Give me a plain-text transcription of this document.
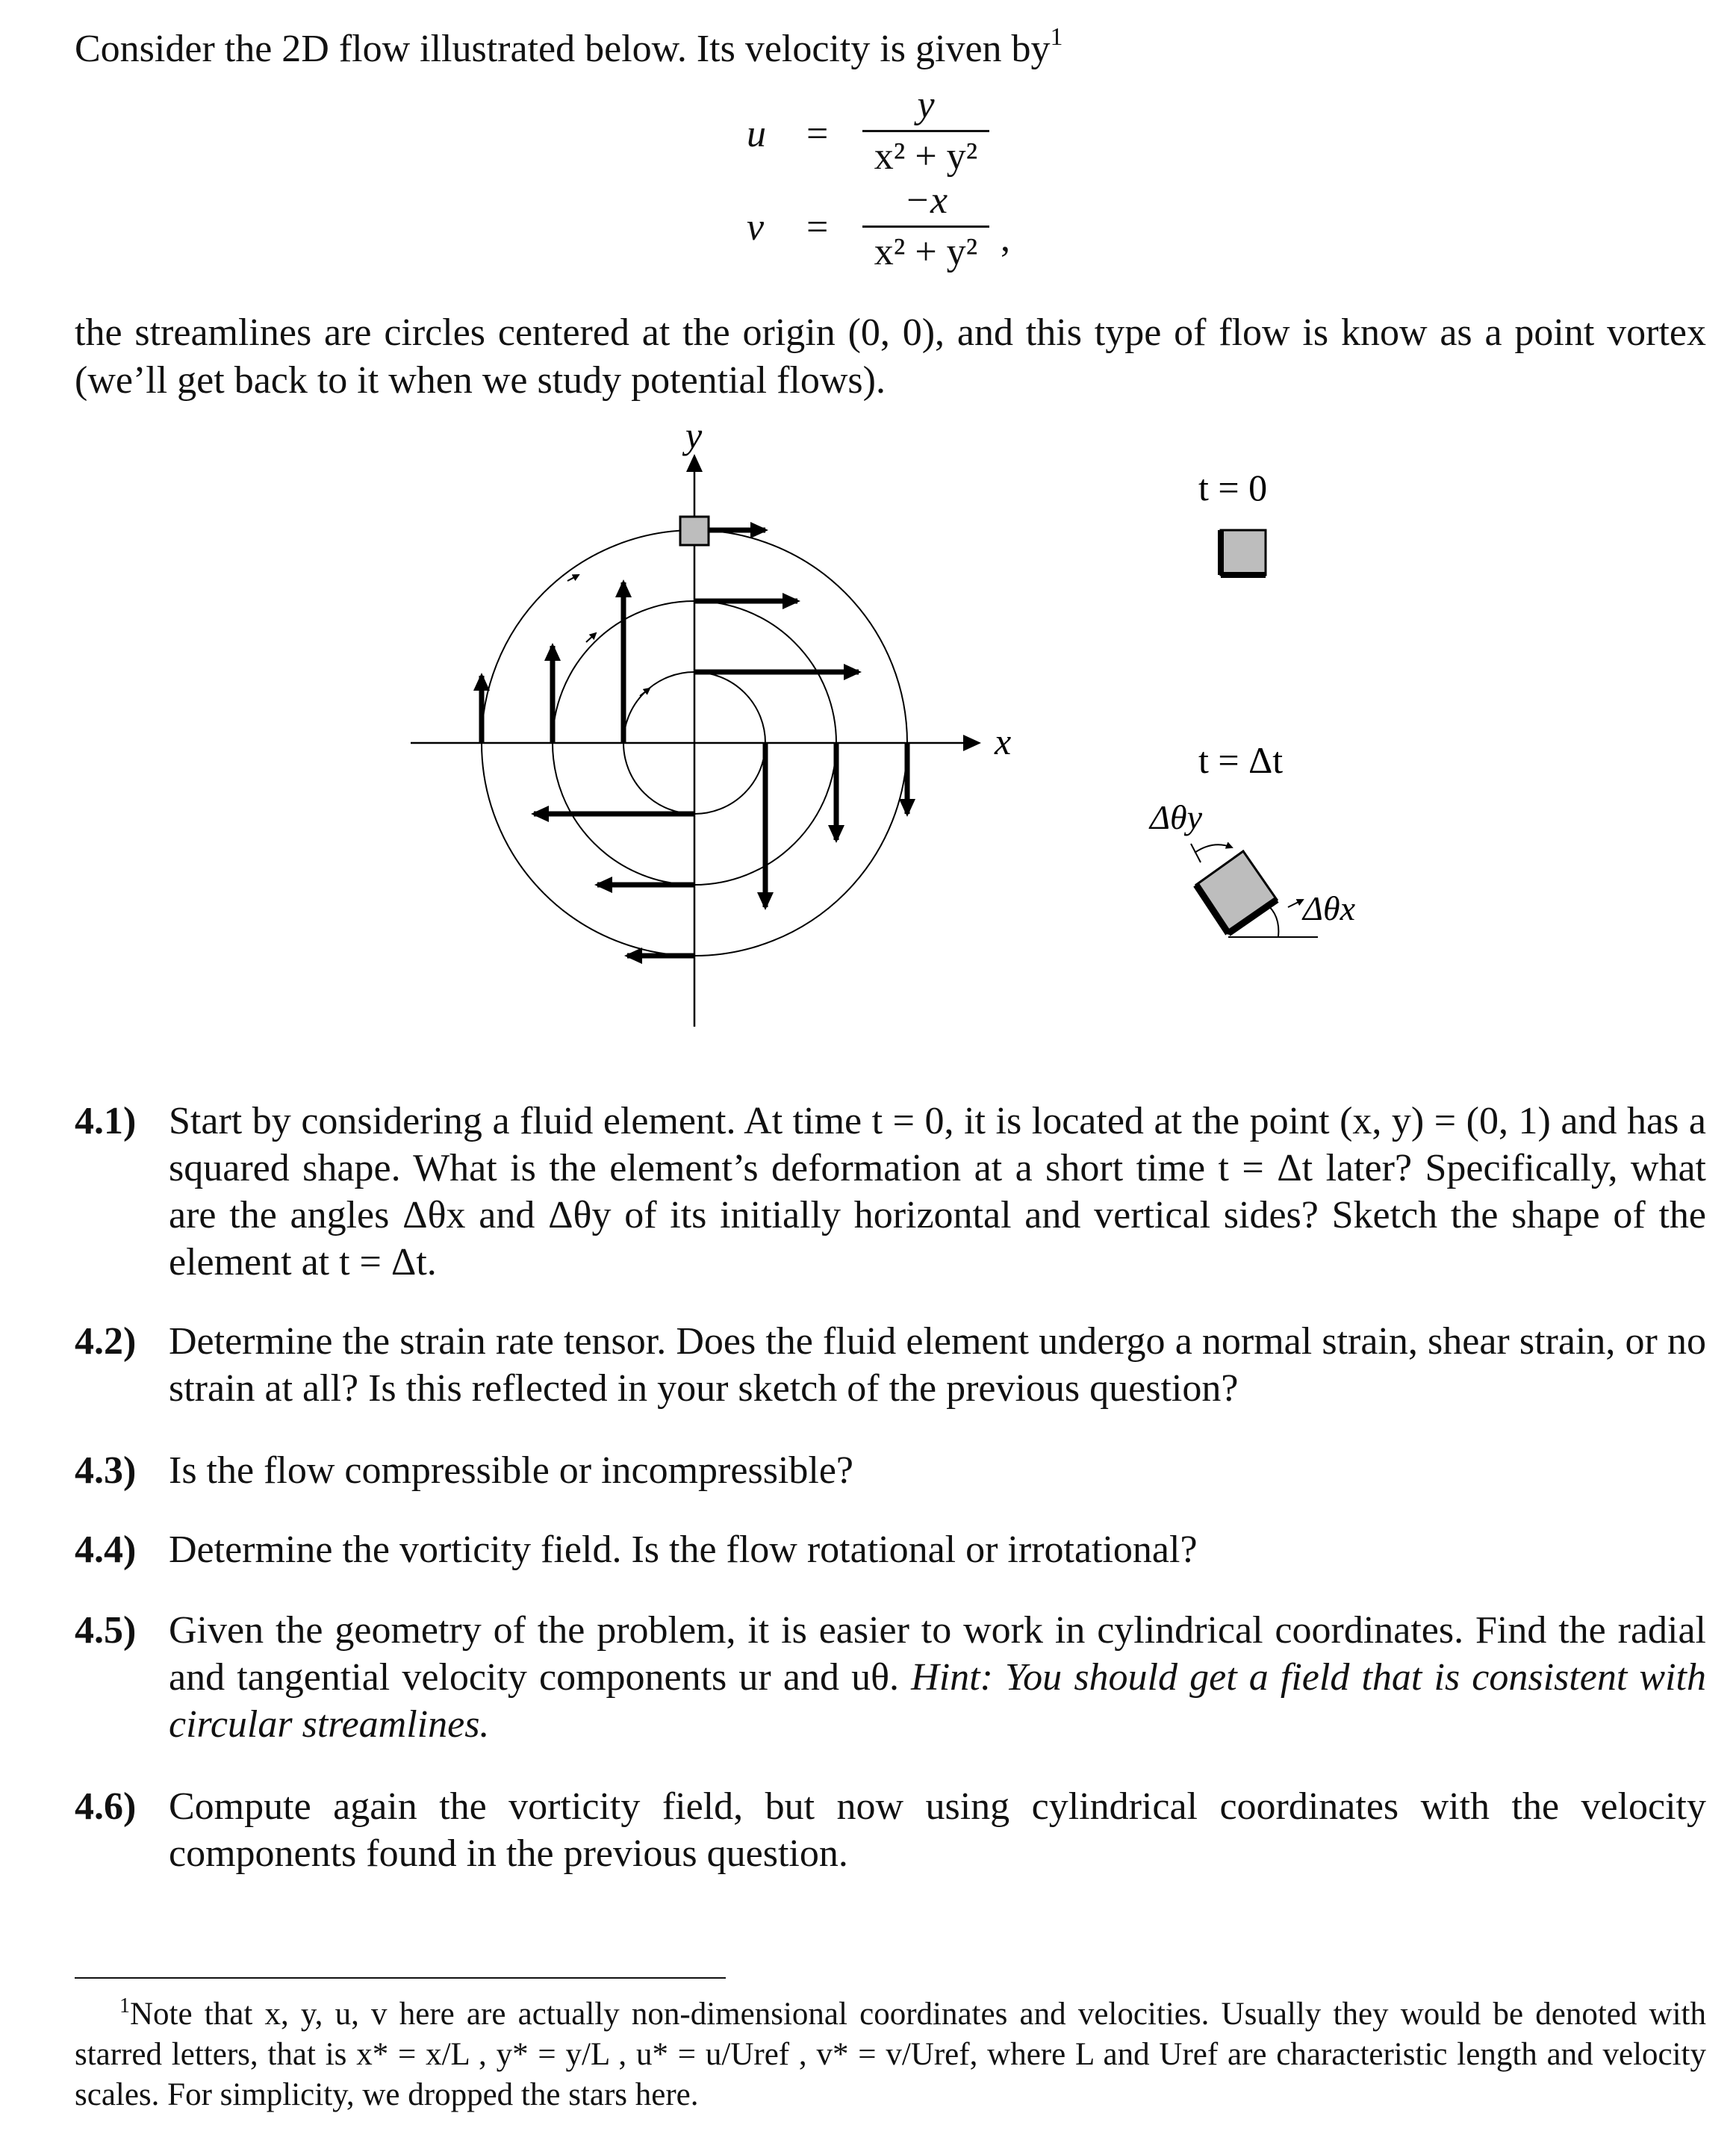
Consider the 2D flow illustrated below. Its velocity is given $by^1$
u =
y
x² + y²
v =
−x
x² + y² ,
the streamlines are circles centered at the origin (0, 0), and this type of flow is know as a point vortex (we’ll get back to it when we study potential flows).
y
x
t = 0
t = Δt
Δθy
Δθx
4.1) Start by considering a fluid element. At time t = 0, it is located at the point (x, y) = (0, 1) and has a squared shape. What is the element’s deformation at a short time t = Δt later? Specifically, what are the angles Δθx and Δθy of its initially horizontal and vertical sides? Sketch the shape of the element at t = Δt.
4.2) Determine the strain rate tensor. Does the fluid element undergo a normal strain, shear strain, or no strain at all? Is this reflected in your sketch of the previous question?
4.3) Is the flow compressible or incompressible?
4.4) Determine the vorticity field. Is the flow rotational or irrotational?
4.5) Given the geometry of the problem, it is easier to work in cylindrical coordinates. Find the radial and tangential velocity components ur and uθ. Hint: You should get a field that is consistent with circular streamlines.
4.6) Compute again the vorticity field, but now using cylindrical coordinates with the velocity components found in the previous question.
$^1$Note that x, y, u, v here are actually non-dimensional coordinates and velocities. Usually they would be denoted with starred letters, that is x* = x/L , y* = y/L , u* = u/Uref , v* = v/Uref, where L and Uref are characteristic length and velocity scales. For simplicity, we dropped the stars here.
